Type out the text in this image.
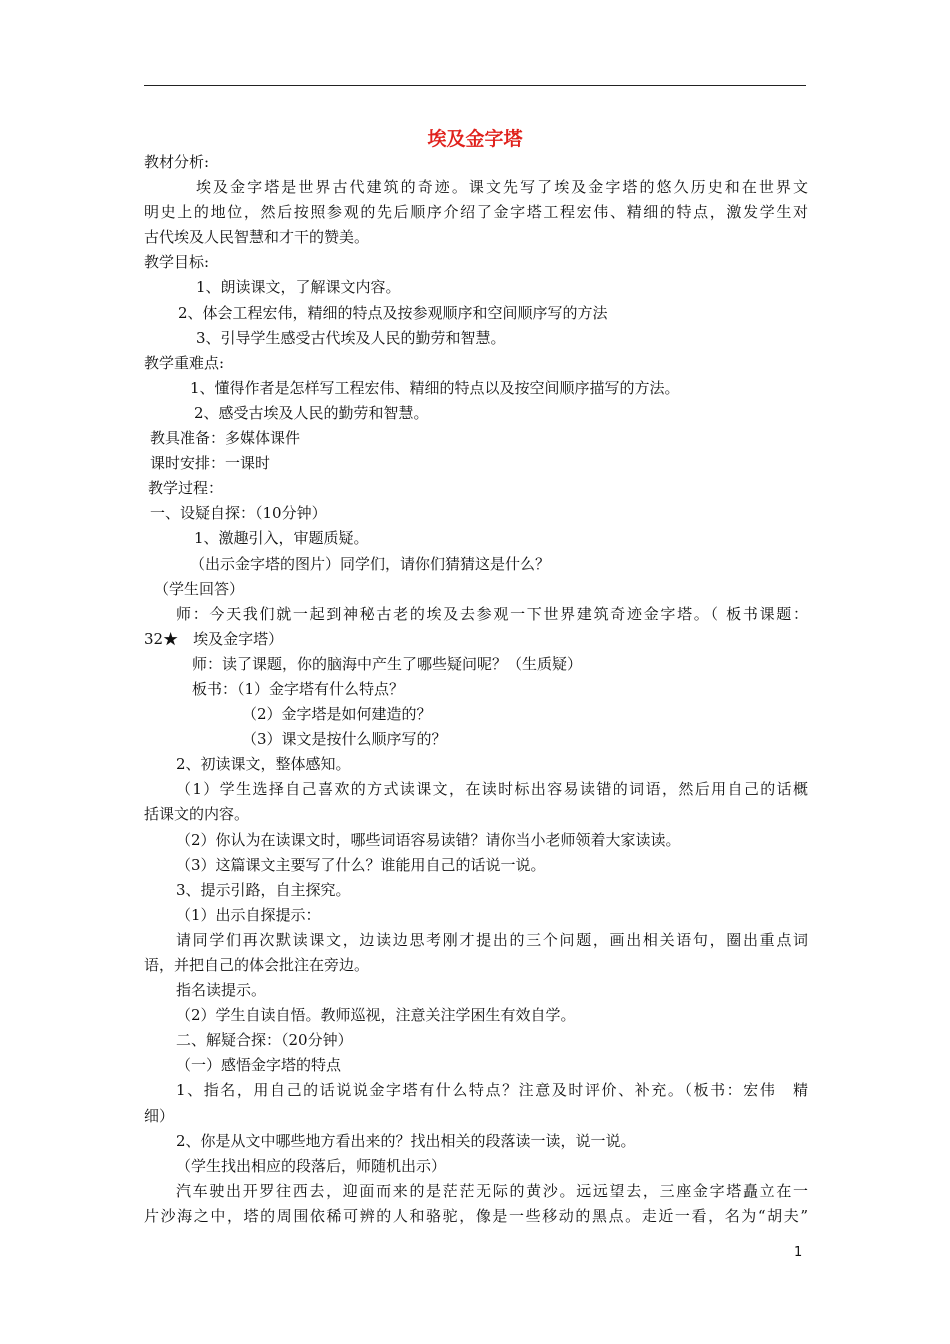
埃及金字塔
教材分析:
埃及金字塔是世界古代建筑的奇迹。课文先写了埃及金字塔的悠久历史和在世界文
明史上的地位，然后按照参观的先后顺序介绍了金字塔工程宏伟、精细的特点，激发学生对
古代埃及人民智慧和才干的赞美。
教学目标:
1、朗读课文，了解课文内容。
2、体会工程宏伟，精细的特点及按参观顺序和空间顺序写的方法
3、引导学生感受古代埃及人民的勤劳和智慧。
教学重难点:
1、懂得作者是怎样写工程宏伟、精细的特点以及按空间顺序描写的方法。
2、感受古埃及人民的勤劳和智慧。
教具准备：多媒体课件
课时安排：一课时
教学过程：
一、设疑自探：（10分钟）
1、激趣引入，审题质疑。
（出示金字塔的图片）同学们，请你们猜猜这是什么？
（学生回答）
师：今天我们就一起到神秘古老的埃及去参观一下世界建筑奇迹金字塔。（ 板书课题：
32★　埃及金字塔）
师：读了课题，你的脑海中产生了哪些疑问呢？（生质疑）
板书：（1）金字塔有什么特点？
（2）金字塔是如何建造的？
（3）课文是按什么顺序写的？
2、初读课文，整体感知。
（1）学生选择自己喜欢的方式读课文，在读时标出容易读错的词语，然后用自己的话概
括课文的内容。
（2）你认为在读课文时，哪些词语容易读错？请你当小老师领着大家读读。
（3）这篇课文主要写了什么？谁能用自己的话说一说。
3、提示引路，自主探究。
（1）出示自探提示：
请同学们再次默读课文，边读边思考刚才提出的三个问题，画出相关语句，圈出重点词
语，并把自己的体会批注在旁边。
指名读提示。
（2）学生自读自悟。教师巡视，注意关注学困生有效自学。
二、解疑合探：（20分钟）
（一）感悟金字塔的特点
1、指名，用自己的话说说金字塔有什么特点？注意及时评价、补充。（板书：宏伟　精
细）
2、你是从文中哪些地方看出来的？找出相关的段落读一读，说一说。
（学生找出相应的段落后，师随机出示）
汽车驶出开罗往西去，迎面而来的是茫茫无际的黄沙。远远望去，三座金字塔矗立在一
片沙海之中，塔的周围依稀可辨的人和骆驼，像是一些移动的黑点。走近一看，名为“胡夫”
1
